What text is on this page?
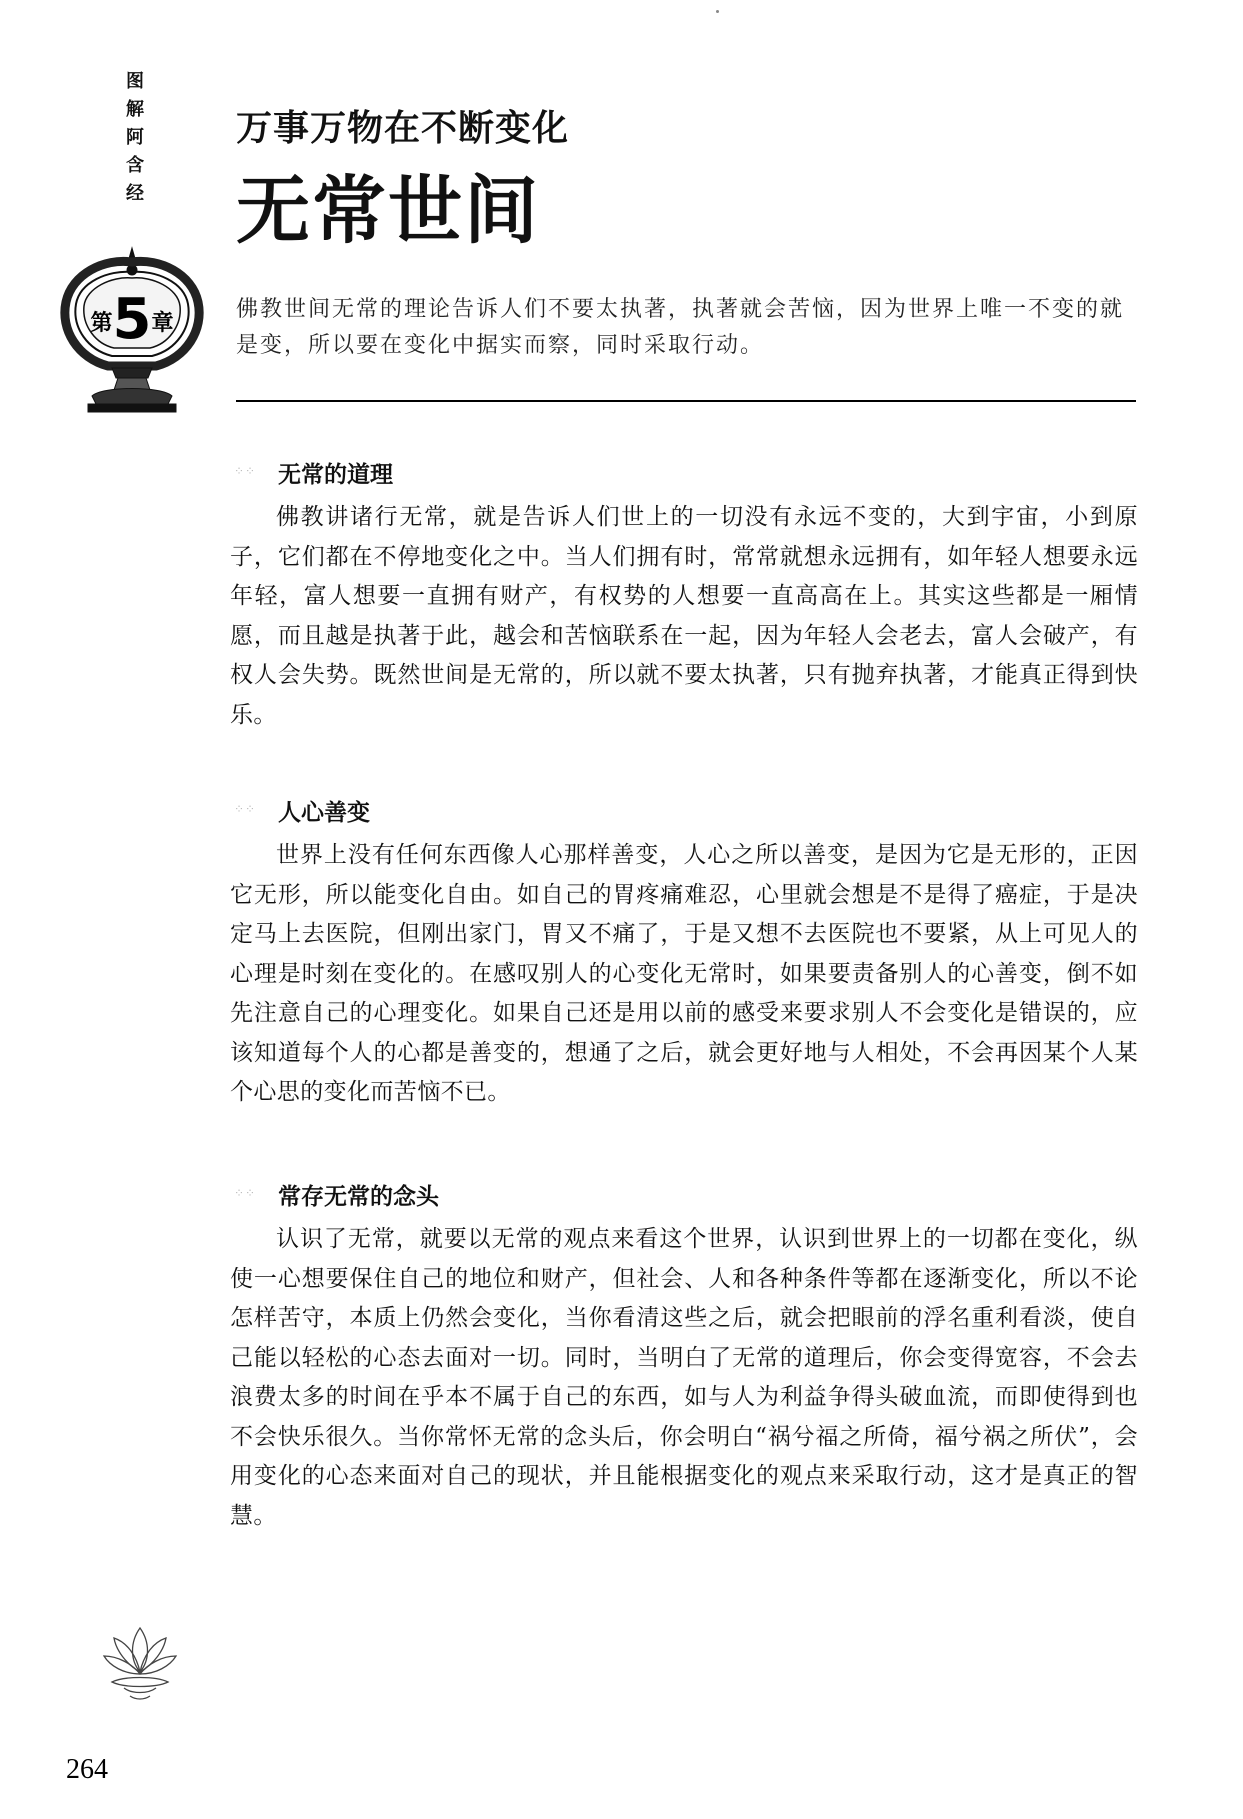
图
解
阿
含
经
第5章
万事万物在不断变化
无常世间

佛教世间无常的理论告诉人们不要太执著，执著就会苦恼，因为世界上唯一不变的就是变，所以要在变化中据实而察，同时采取行动。

⁘⁘ 无常的道理

佛教讲诸行无常，就是告诉人们世上的一切没有永远不变的，大到宇宙，小到原子，它们都在不停地变化之中。当人们拥有时，常常就想永远拥有，如年轻人想要永远年轻，富人想要一直拥有财产，有权势的人想要一直高高在上。其实这些都是一厢情愿，而且越是执著于此，越会和苦恼联系在一起，因为年轻人会老去，富人会破产，有权人会失势。既然世间是无常的，所以就不要太执著，只有抛弃执著，才能真正得到快乐。

⁘⁘ 人心善变

世界上没有任何东西像人心那样善变，人心之所以善变，是因为它是无形的，正因它无形，所以能变化自由。如自己的胃疼痛难忍，心里就会想是不是得了癌症，于是决定马上去医院，但刚出家门，胃又不痛了，于是又想不去医院也不要紧，从上可见人的心理是时刻在变化的。在感叹别人的心变化无常时，如果要责备别人的心善变，倒不如先注意自己的心理变化。如果自己还是用以前的感受来要求别人不会变化是错误的，应该知道每个人的心都是善变的，想通了之后，就会更好地与人相处，不会再因某个人某个心思的变化而苦恼不已。

⁘⁘ 常存无常的念头

认识了无常，就要以无常的观点来看这个世界，认识到世界上的一切都在变化，纵使一心想要保住自己的地位和财产，但社会、人和各种条件等都在逐渐变化，所以不论怎样苦守，本质上仍然会变化，当你看清这些之后，就会把眼前的浮名重利看淡，使自己能以轻松的心态去面对一切。同时，当明白了无常的道理后，你会变得宽容，不会去浪费太多的时间在乎本不属于自己的东西，如与人为利益争得头破血流，而即使得到也不会快乐很久。当你常怀无常的念头后，你会明白“祸兮福之所倚，福兮祸之所伏”，会用变化的心态来面对自己的现状，并且能根据变化的观点来采取行动，这才是真正的智慧。

264
